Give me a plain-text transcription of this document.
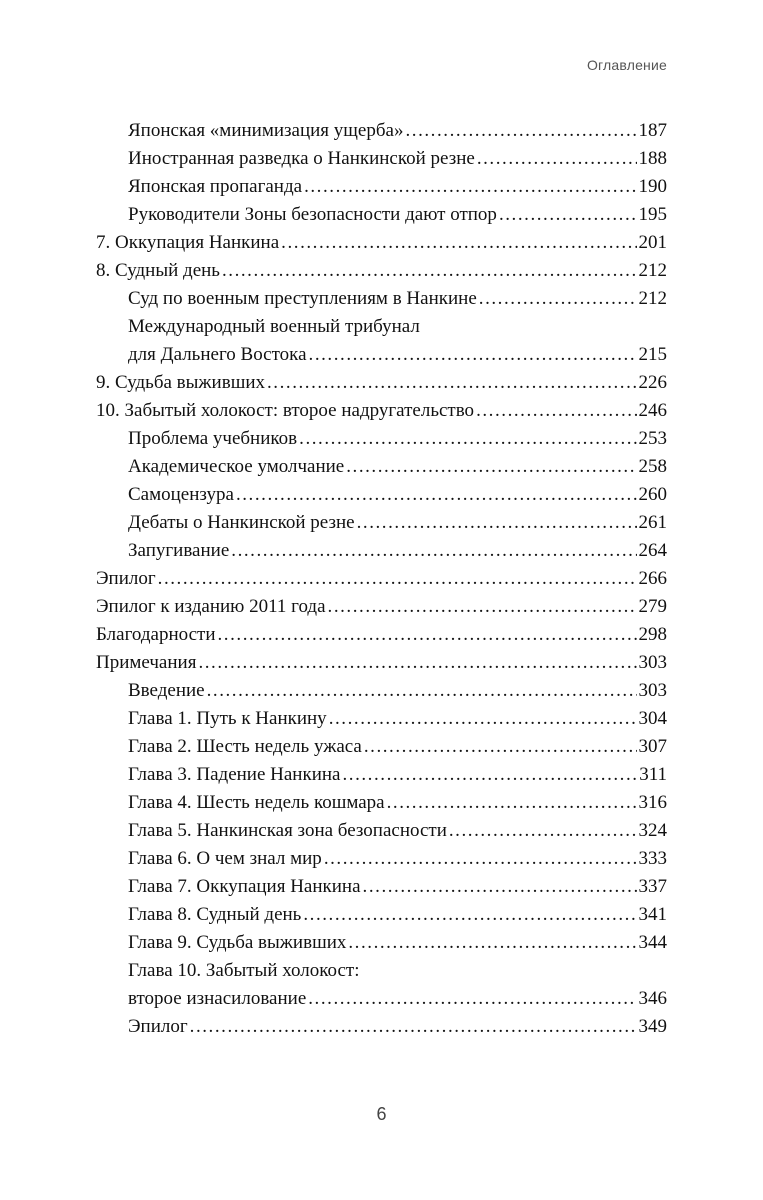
Оглавление
Японская «минимизация ущерба» . . .	187
Иностранная разведка о Нанкинской резне . . .	188
Японская пропаганда . . .	190
Руководители Зоны безопасности дают отпор . . .	195
7. Оккупация Нанкина . . .	201
8. Судный день . . .	212
Суд по военным преступлениям в Нанкине . . .	212
Международный военный трибунал
для Дальнего Востока . . .	215
9. Судьба выживших . . .	226
10. Забытый холокост: второе надругательство . . .	246
Проблема учебников . . .	253
Академическое умолчание . . .	258
Самоцензура . . .	260
Дебаты о Нанкинской резне . . .	261
Запугивание . . .	264
Эпилог . . .	266
Эпилог к изданию 2011 года . . .	279
Благодарности . . .	298
Примечания . . .	303
Введение . . .	303
Глава 1. Путь к Нанкину . . .	304
Глава 2. Шесть недель ужаса . . .	307
Глава 3. Падение Нанкина . . .	311
Глава 4. Шесть недель кошмара . . .	316
Глава 5. Нанкинская зона безопасности . . .	324
Глава 6. О чем знал мир . . .	333
Глава 7. Оккупация Нанкина . . .	337
Глава 8. Судный день . . .	341
Глава 9. Судьба выживших . . .	344
Глава 10. Забытый холокост:
второе изнасилование . . .	346
Эпилог . . .	349
6
